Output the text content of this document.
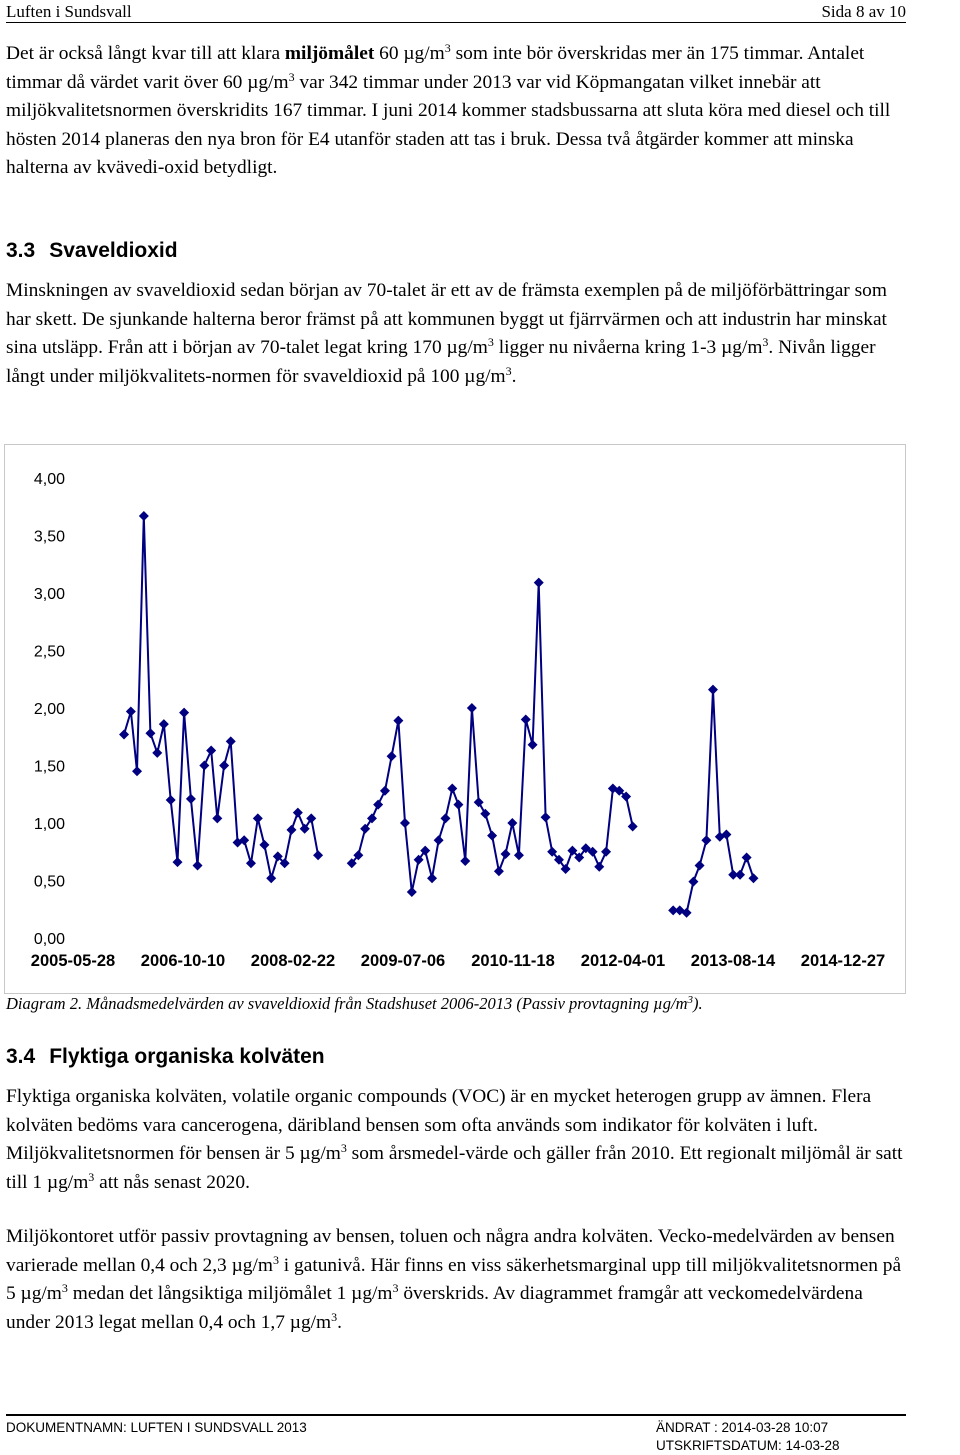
Luften i Sundsvall	Sida 8 av 10

Det är också långt kvar till att klara miljömålet 60 $\mu g/m^3$ som inte bör överskridas mer än 175 timmar. Antalet timmar då värdet varit över 60 $\mu g/m^3$ var 342 timmar under 2013 var vid Köpmangatan vilket innebär att miljökvalitetsnormen överskridits 167 timmar. I juni 2014 kommer stadsbussarna att sluta köra med diesel och till hösten 2014 planeras den nya bron för E4 utanför staden att tas i bruk. Dessa två åtgärder kommer att minska halterna av kvävedi-oxid betydligt.

3.3 Svaveldioxid

Minskningen av svaveldioxid sedan början av 70-talet är ett av de främsta exemplen på de miljöförbättringar som har skett. De sjunkande halterna beror främst på att kommunen byggt ut fjärrvärmen och att industrin har minskat sina utsläpp. Från att i början av 70-talet legat kring 170 $\mu g/m^3$ ligger nu nivåerna kring 1-3 $\mu g/m^3$. Nivån ligger långt under miljökvalitets-normen för svaveldioxid på 100 $\mu g/m^3$.

0,00
0,50
1,00
1,50
2,00
2,50
3,00
3,50
4,00
2005-05-28 2006-10-10 2008-02-22 2009-07-06 2010-11-18 2012-04-01 2013-08-14 2014-12-27

Diagram 2. Månadsmedelvärden av svaveldioxid från Stadshuset 2006-2013 (Passiv provtagning $\mu g/m^3$).

3.4 Flyktiga organiska kolväten

Flyktiga organiska kolväten, volatile organic compounds (VOC) är en mycket heterogen grupp av ämnen. Flera kolväten bedöms vara cancerogena, däribland bensen som ofta används som indikator för kolväten i luft. Miljökvalitetsnormen för bensen är 5 $\mu g/m^3$ som årsmedel-värde och gäller från 2010. Ett regionalt miljömål är satt till 1 $\mu g/m^3$ att nås senast 2020.

Miljökontoret utför passiv provtagning av bensen, toluen och några andra kolväten. Vecko-medelvärden av bensen varierade mellan 0,4 och 2,3 $\mu g/m^3$ i gatunivå. Här finns en viss säkerhetsmarginal upp till miljökvalitetsnormen på 5 $\mu g/m^3$ medan det långsiktiga miljömålet 1 $\mu g/m^3$ överskrids. Av diagrammet framgår att veckomedelvärdena under 2013 legat mellan 0,4 och 1,7 $\mu g/m^3$.

DOKUMENTNAMN: LUFTEN I SUNDSVALL 2013	ÄNDRAT : 2014-03-28 10:07
UTSKRIFTSDATUM: 14-03-28
